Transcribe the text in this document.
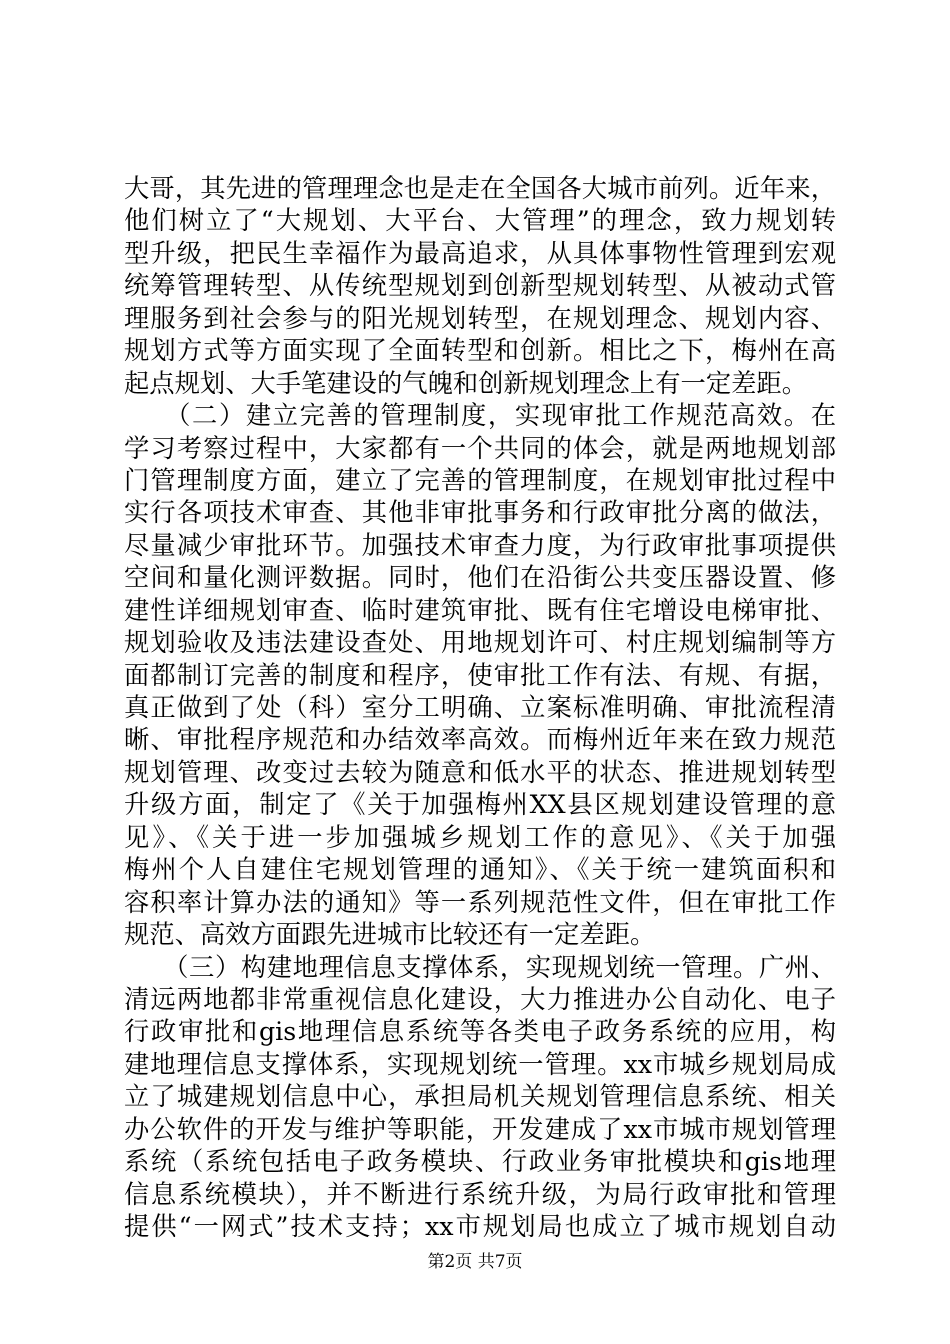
大哥，其先进的管理理念也是走在全国各大城市前列。近年来，
他们树立了“大规划、大平台、大管理”的理念，致力规划转
型升级，把民生幸福作为最高追求，从具体事物性管理到宏观
统筹管理转型、从传统型规划到创新型规划转型、从被动式管
理服务到社会参与的阳光规划转型，在规划理念、规划内容、
规划方式等方面实现了全面转型和创新。相比之下，梅州在高
起点规划、大手笔建设的气魄和创新规划理念上有一定差距。
　　（二）建立完善的管理制度，实现审批工作规范高效。在
学习考察过程中，大家都有一个共同的体会，就是两地规划部
门管理制度方面，建立了完善的管理制度，在规划审批过程中
实行各项技术审查、其他非审批事务和行政审批分离的做法，
尽量减少审批环节。加强技术审查力度，为行政审批事项提供
空间和量化测评数据。同时，他们在沿街公共变压器设置、修
建性详细规划审查、临时建筑审批、既有住宅增设电梯审批、
规划验收及违法建设查处、用地规划许可、村庄规划编制等方
面都制订完善的制度和程序，使审批工作有法、有规、有据，
真正做到了处（科）室分工明确、立案标准明确、审批流程清
晰、审批程序规范和办结效率高效。而梅州近年来在致力规范
规划管理、改变过去较为随意和低水平的状态、推进规划转型
升级方面，制定了《关于加强梅州XX县区规划建设管理的意
见》、《关于进一步加强城乡规划工作的意见》、《关于加强
梅州个人自建住宅规划管理的通知》、《关于统一建筑面积和
容积率计算办法的通知》等一系列规范性文件，但在审批工作
规范、高效方面跟先进城市比较还有一定差距。
　　（三）构建地理信息支撑体系，实现规划统一管理。广州、
清远两地都非常重视信息化建设，大力推进办公自动化、电子
行政审批和gis地理信息系统等各类电子政务系统的应用，构
建地理信息支撑体系，实现规划统一管理。xx市城乡规划局成
立了城建规划信息中心，承担局机关规划管理信息系统、相关
办公软件的开发与维护等职能，开发建成了xx市城市规划管理
系统（系统包括电子政务模块、行政业务审批模块和gis地理
信息系统模块），并不断进行系统升级，为局行政审批和管理
提供“一网式”技术支持；xx市规划局也成立了城市规划自动
第2页 共7页
